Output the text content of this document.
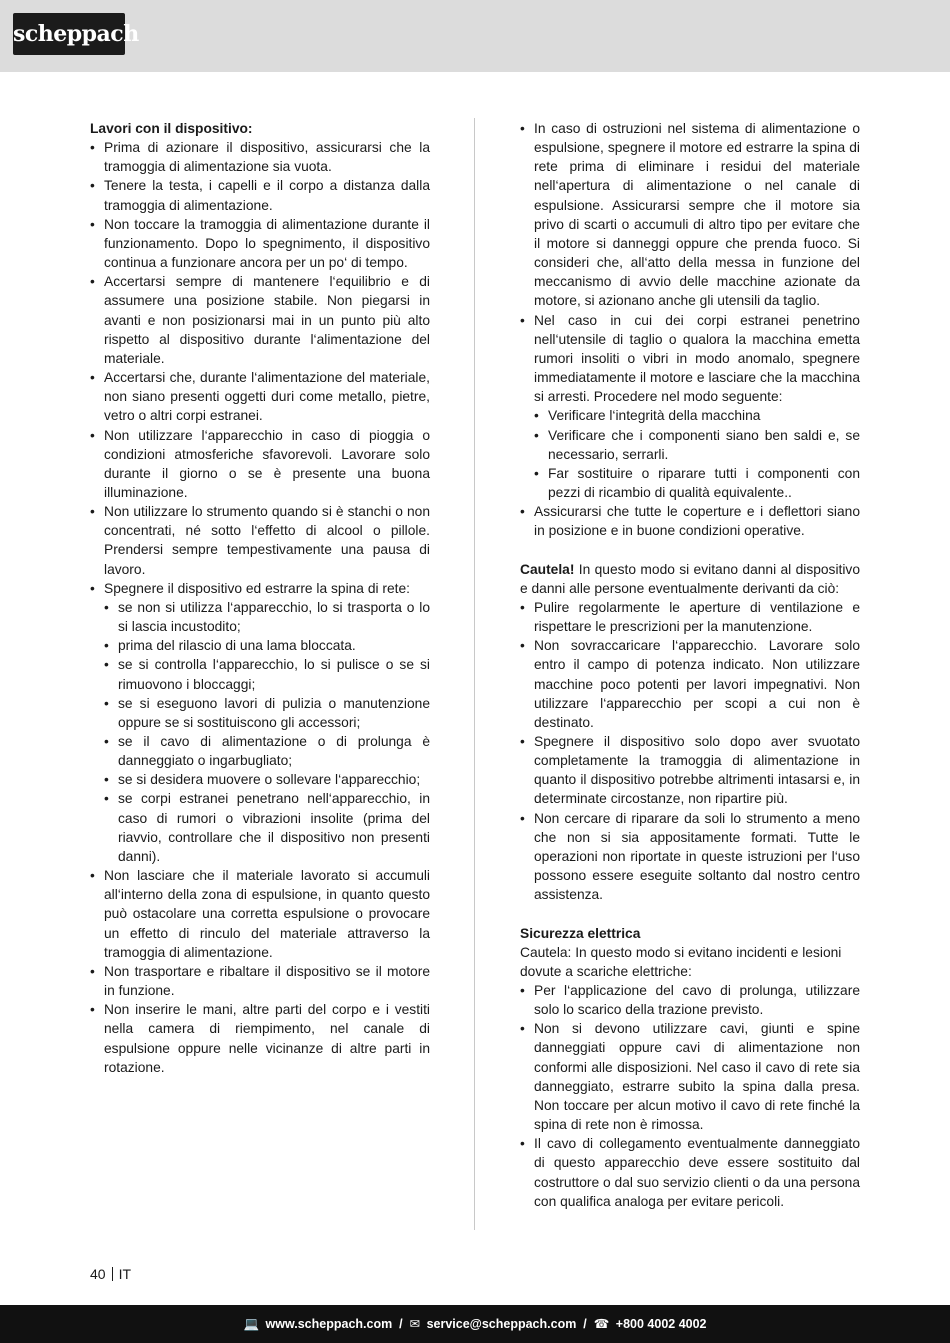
scheppach

Lavori con il dispositivo:

• Prima di azionare il dispositivo, assicurarsi che la tramoggia di alimentazione sia vuota.
• Tenere la testa, i capelli e il corpo a distanza dalla tramoggia di alimentazione.
• Non toccare la tramoggia di alimentazione durante il funzionamento. Dopo lo spegnimento, il dispositivo continua a funzionare ancora per un po‘ di tempo.
• Accertarsi sempre di mantenere l‘equilibrio e di assumere una posizione stabile. Non piegarsi in avanti e non posizionarsi mai in un punto più alto rispetto al dispositivo durante l‘alimentazione del materiale.
• Accertarsi che, durante l‘alimentazione del materiale, non siano presenti oggetti duri come metallo, pietre, vetro o altri corpi estranei.
• Non utilizzare l‘apparecchio in caso di pioggia o condizioni atmosferiche sfavorevoli. Lavorare solo durante il giorno o se è presente una buona illuminazione.
• Non utilizzare lo strumento quando si è stanchi o non concentrati, né sotto l‘effetto di alcool o pillole. Prendersi sempre tempestivamente una pausa di lavoro.
• Spegnere il dispositivo ed estrarre la spina di rete:
• se non si utilizza l‘apparecchio, lo si trasporta o lo si lascia incustodito;
• prima del rilascio di una lama bloccata.
• se si controlla l‘apparecchio, lo si pulisce o se si rimuovono i bloccaggi;
• se si eseguono lavori di pulizia o manutenzione oppure se si sostituiscono gli accessori;
• se il cavo di alimentazione o di prolunga è danneggiato o ingarbugliato;
• se si desidera muovere o sollevare l‘apparecchio;
• se corpi estranei penetrano nell‘apparecchio, in caso di rumori o vibrazioni insolite (prima del riavvio, controllare che il dispositivo non presenti danni).
• Non lasciare che il materiale lavorato si accumuli all‘interno della zona di espulsione, in quanto questo può ostacolare una corretta espulsione o provocare un effetto di rinculo del materiale attraverso la tramoggia di alimentazione.
• Non trasportare e ribaltare il dispositivo se il motore in funzione.
• Non inserire le mani, altre parti del corpo e i vestiti nella camera di riempimento, nel canale di espulsione oppure nelle vicinanze di altre parti in rotazione.
• In caso di ostruzioni nel sistema di alimentazione o espulsione, spegnere il motore ed estrarre la spina di rete prima di eliminare i residui del materiale nell‘apertura di alimentazione o nel canale di espulsione. Assicurarsi sempre che il motore sia privo di scarti o accumuli di altro tipo per evitare che il motore si danneggi oppure che prenda fuoco. Si consideri che, all‘atto della messa in funzione del meccanismo di avvio delle macchine azionate da motore, si azionano anche gli utensili da taglio.
• Nel caso in cui dei corpi estranei penetrino nell‘utensile di taglio o qualora la macchina emetta rumori insoliti o vibri in modo anomalo, spegnere immediatamente il motore e lasciare che la macchina si arresti. Procedere nel modo seguente:
• Verificare l‘integrità della macchina
• Verificare che i componenti siano ben saldi e, se necessario, serrarli.
• Far sostituire o riparare tutti i componenti con pezzi di ricambio di qualità equivalente..
• Assicurarsi che tutte le coperture e i deflettori siano in posizione e in buone condizioni operative.

Cautela! In questo modo si evitano danni al dispositivo e danni alle persone eventualmente derivanti da ciò:

• Pulire regolarmente le aperture di ventilazione e rispettare le prescrizioni per la manutenzione.
• Non sovraccaricare l‘apparecchio. Lavorare solo entro il campo di potenza indicato. Non utilizzare macchine poco potenti per lavori impegnativi. Non utilizzare l‘apparecchio per scopi a cui non è destinato.
• Spegnere il dispositivo solo dopo aver svuotato completamente la tramoggia di alimentazione in quanto il dispositivo potrebbe altrimenti intasarsi e, in determinate circostanze, non ripartire più.
• Non cercare di riparare da soli lo strumento a meno che non si sia appositamente formati. Tutte le operazioni non riportate in queste istruzioni per l‘uso possono essere eseguite soltanto dal nostro centro assistenza.

Sicurezza elettrica

Cautela: In questo modo si evitano incidenti e lesioni dovute a scariche elettriche:

• Per l‘applicazione del cavo di prolunga, utilizzare solo lo scarico della trazione previsto.
• Non si devono utilizzare cavi, giunti e spine danneggiati oppure cavi di alimentazione non conformi alle disposizioni. Nel caso il cavo di rete sia danneggiato, estrarre subito la spina dalla presa. Non toccare per alcun motivo il cavo di rete finché la spina di rete non è rimossa.
• Il cavo di collegamento eventualmente danneggiato di questo apparecchio deve essere sostituito dal costruttore o dal suo servizio clienti o da una persona con qualifica analoga per evitare pericoli.
40 IT
💻 www.scheppach.com  /  ✉ service@scheppach.com  /  ☎ +800 4002 4002
